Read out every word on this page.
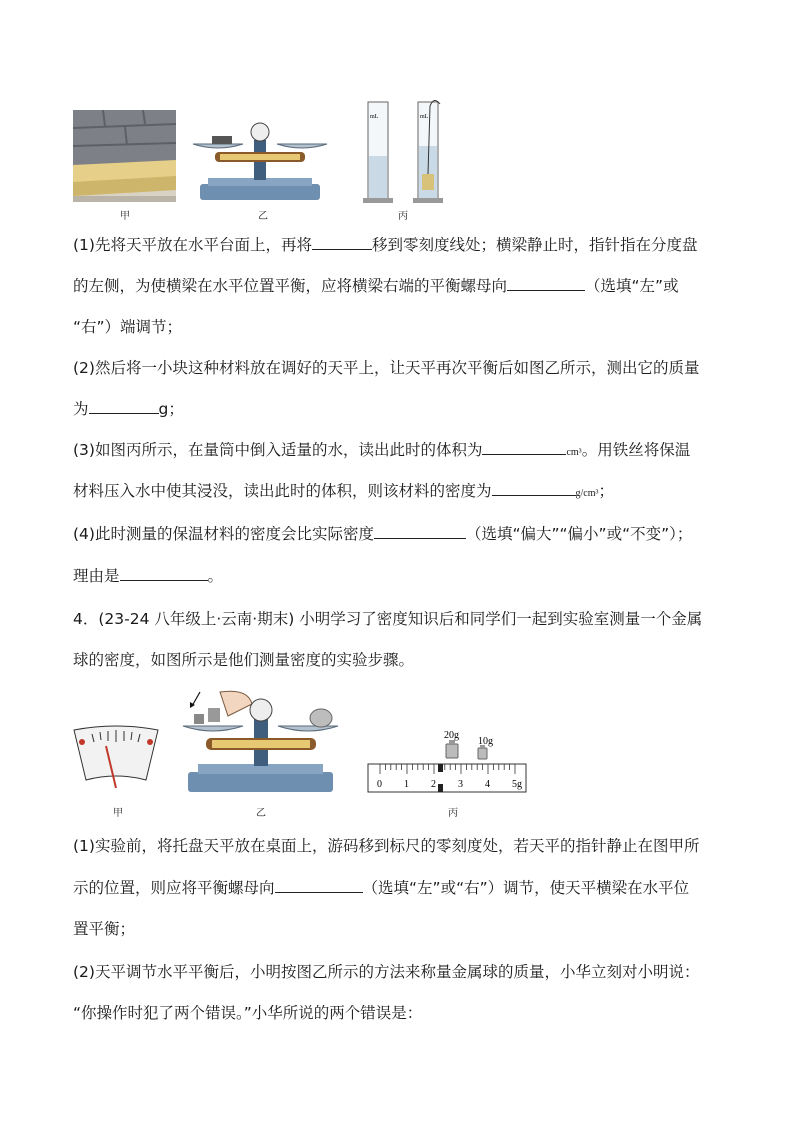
mL	mL
甲	乙	丙
(1)先将天平放在水平台面上，再将	移到零刻度线处；横梁静止时，指针指在分度盘
的左侧，为使横梁在水平位置平衡，应将横梁右端的平衡螺母向	（选填“左”或
“右”）端调节；
(2)然后将一小块这种材料放在调好的天平上，让天平再次平衡后如图乙所示，测出它的质量
为	g；
(3)如图丙所示，在量筒中倒入适量的水，读出此时的体积为	cm³。用铁丝将保温
材料压入水中使其浸没，读出此时的体积，则该材料的密度为	g/cm³；
(4)此时测量的保温材料的密度会比实际密度	（选填“偏大”“偏小”或“不变”）；
理由是	。
4．(23-24 八年级上·云南·期末) 小明学习了密度知识后和同学们一起到实验室测量一个金属
球的密度，如图所示是他们测量密度的实验步骤。
20g
10g
0 1 2 3 4 5g
甲	乙	丙
(1)实验前，将托盘天平放在桌面上，游码移到标尺的零刻度处，若天平的指针静止在图甲所
示的位置，则应将平衡螺母向	（选填“左”或“右”）调节，使天平横梁在水平位
置平衡；
(2)天平调节水平平衡后，小明按图乙所示的方法来称量金属球的质量，小华立刻对小明说：
“你操作时犯了两个错误。”小华所说的两个错误是：
